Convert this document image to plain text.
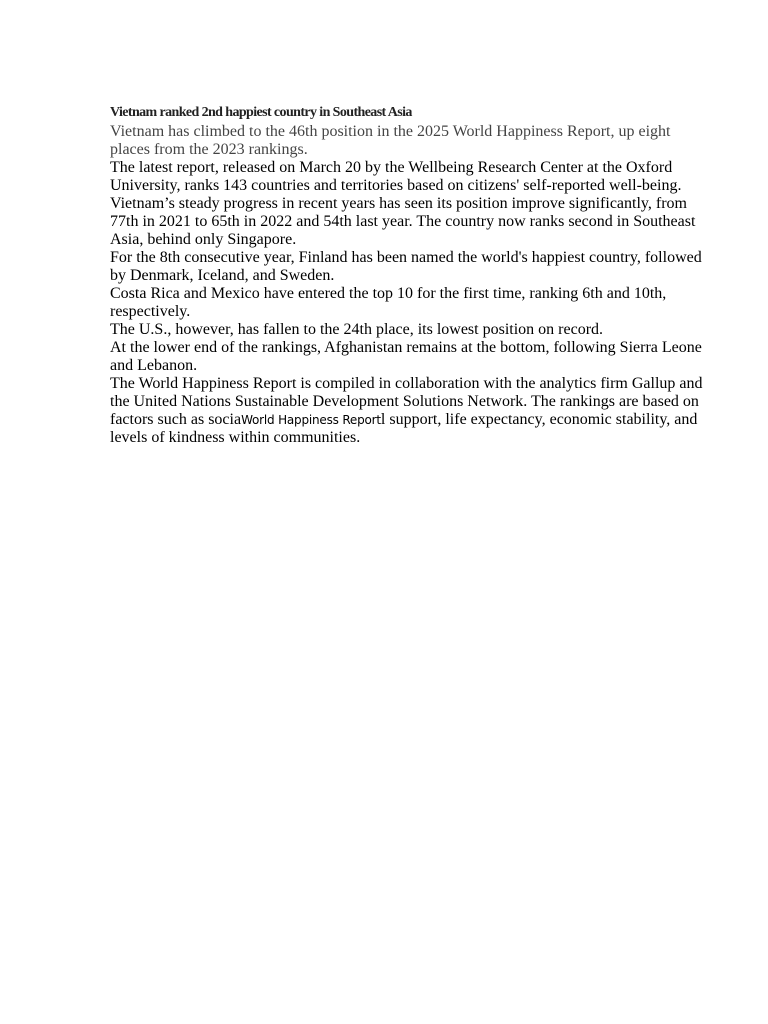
Vietnam ranked 2nd happiest country in Southeast Asia

Vietnam has climbed to the 46th position in the 2025 World Happiness Report, up eight places from the 2023 rankings.

The latest report, released on March 20 by the Wellbeing Research Center at the Oxford University, ranks 143 countries and territories based on citizens' self-reported well-being.

Vietnam’s steady progress in recent years has seen its position improve significantly, from 77th in 2021 to 65th in 2022 and 54th last year. The country now ranks second in Southeast Asia, behind only Singapore.

For the 8th consecutive year, Finland has been named the world's happiest country, followed by Denmark, Iceland, and Sweden.

Costa Rica and Mexico have entered the top 10 for the first time, ranking 6th and 10th, respectively.

The U.S., however, has fallen to the 24th place, its lowest position on record.

At the lower end of the rankings, Afghanistan remains at the bottom, following Sierra Leone and Lebanon.

The World Happiness Report is compiled in collaboration with the analytics firm Gallup and the United Nations Sustainable Development Solutions Network. The rankings are based on factors such as sociaWorld Happiness Reportl support, life expectancy, economic stability, and levels of kindness within communities.
